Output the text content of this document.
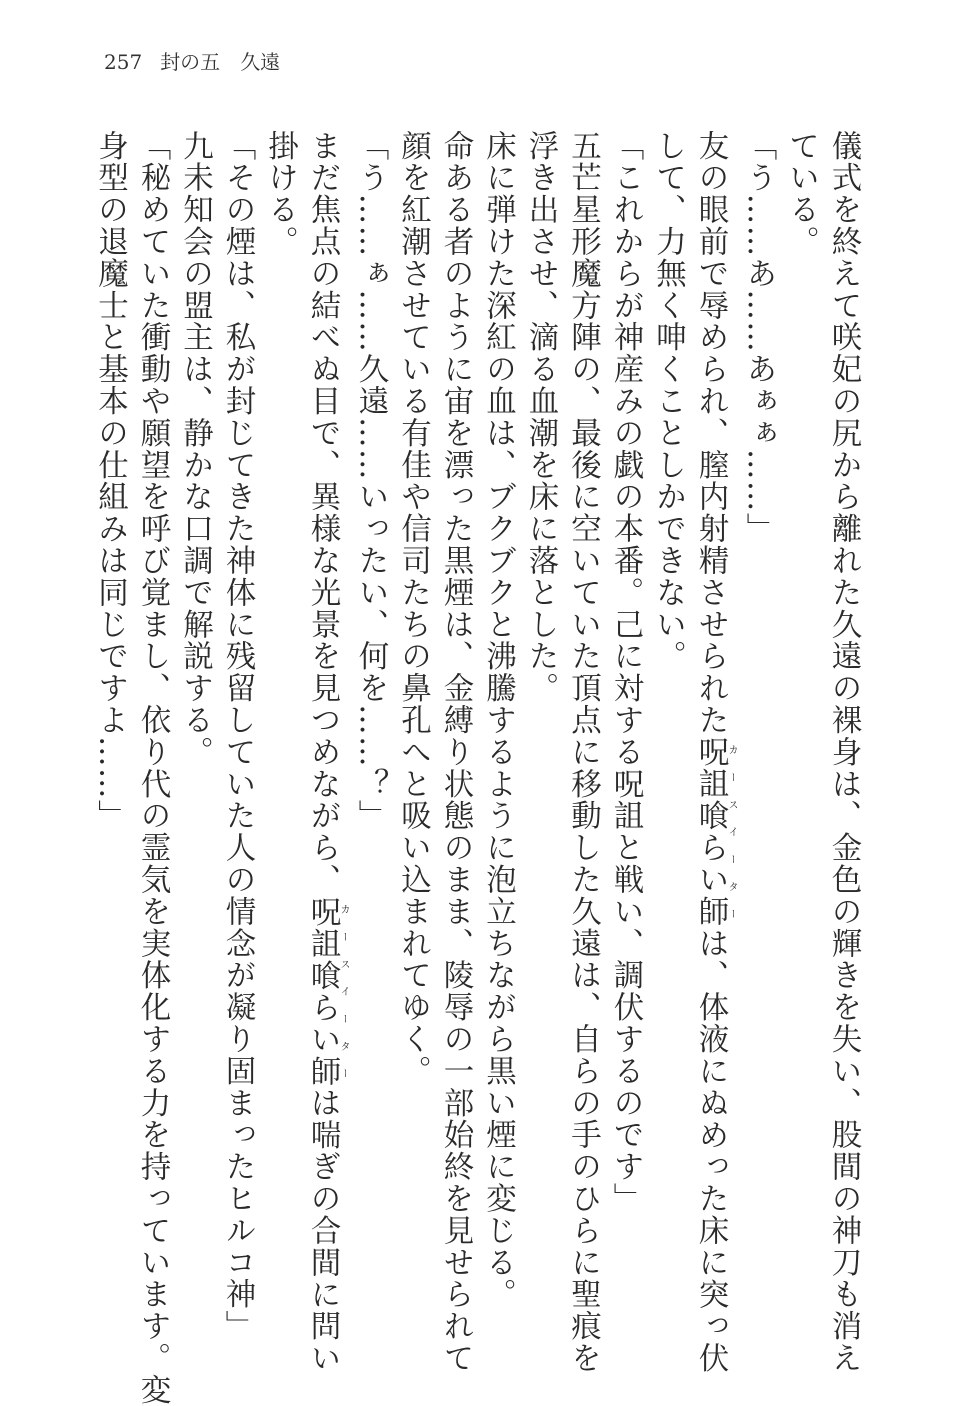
257 封の五 久遠
儀式を終えて咲妃の尻から離れた久遠の裸身は、金色の輝きを失い、股間の神刀も消え
ている。
「う……あ……あぁぁ……」
友の眼前で辱められ、膣内射精させられた呪詛喰らい師カースイーターは、体液にぬめった床に突っ伏
して、力無く呻くことしかできない。
「これからが神産みの戯の本番。己に対する呪詛と戦い、調伏するのです」
五芒星形魔方陣の、最後に空いていた頂点に移動した久遠は、自らの手のひらに聖痕を
浮き出させ、滴る血潮を床に落とした。
床に弾けた深紅の血は、ブクブクと沸騰するように泡立ちながら黒い煙に変じる。
命ある者のように宙を漂った黒煙は、金縛り状態のまま、陵辱の一部始終を見せられて
顔を紅潮させている有佳や信司たちの鼻孔へと吸い込まれてゆく。
「う……ぁ……久遠……いったい、何を……？」
まだ焦点の結べぬ目で、異様な光景を見つめながら、呪詛喰らい師カースイーターは喘ぎの合間に問い
掛ける。
「その煙は、私が封じてきた神体に残留していた人の情念が凝り固まったヒルコ神」
九未知会の盟主は、静かな口調で解説する。
「秘めていた衝動や願望を呼び覚まし、依り代の霊気を実体化する力を持っています。変
身型の退魔士と基本の仕組みは同じですよ……」
